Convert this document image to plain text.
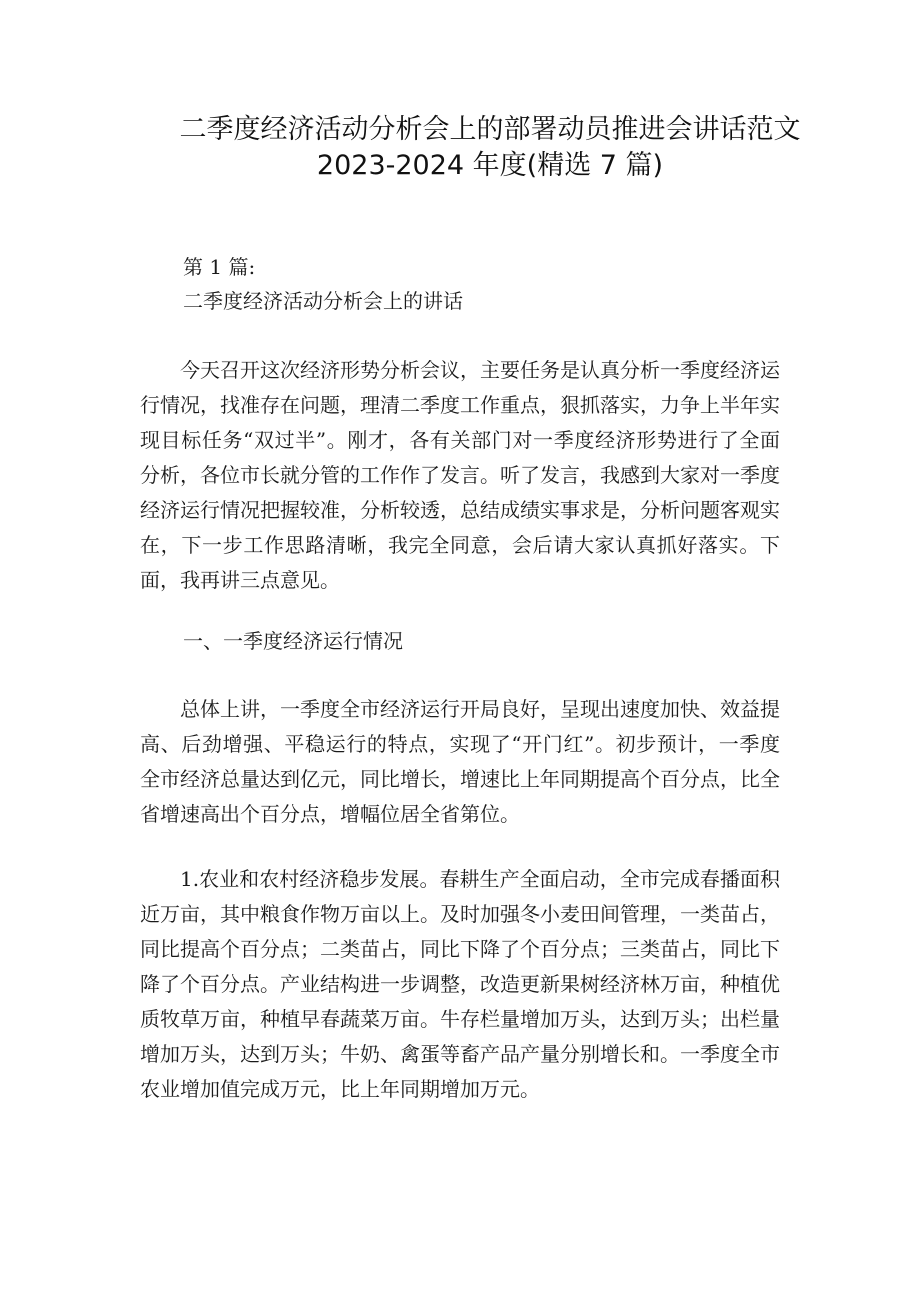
二季度经济活动分析会上的部署动员推进会讲话范文
2023-2024 年度(精选 7 篇)
第 1 篇:
二季度经济活动分析会上的讲话
今天召开这次经济形势分析会议，主要任务是认真分析一季度经济运行情况，找准存在问题，理清二季度工作重点，狠抓落实，力争上半年实现目标任务“双过半”。刚才，各有关部门对一季度经济形势进行了全面分析，各位市长就分管的工作作了发言。听了发言，我感到大家对一季度经济运行情况把握较准，分析较透，总结成绩实事求是，分析问题客观实在，下一步工作思路清晰，我完全同意，会后请大家认真抓好落实。下面，我再讲三点意见。
一、一季度经济运行情况
总体上讲，一季度全市经济运行开局良好，呈现出速度加快、效益提高、后劲增强、平稳运行的特点，实现了“开门红”。初步预计，一季度全市经济总量达到亿元，同比增长，增速比上年同期提高个百分点，比全省增速高出个百分点，增幅位居全省第位。
1.农业和农村经济稳步发展。春耕生产全面启动，全市完成春播面积近万亩，其中粮食作物万亩以上。及时加强冬小麦田间管理，一类苗占，同比提高个百分点；二类苗占，同比下降了个百分点；三类苗占，同比下降了个百分点。产业结构进一步调整，改造更新果树经济林万亩，种植优质牧草万亩，种植早春蔬菜万亩。牛存栏量增加万头，达到万头；出栏量增加万头，达到万头；牛奶、禽蛋等畜产品产量分别增长和。一季度全市农业增加值完成万元，比上年同期增加万元。
